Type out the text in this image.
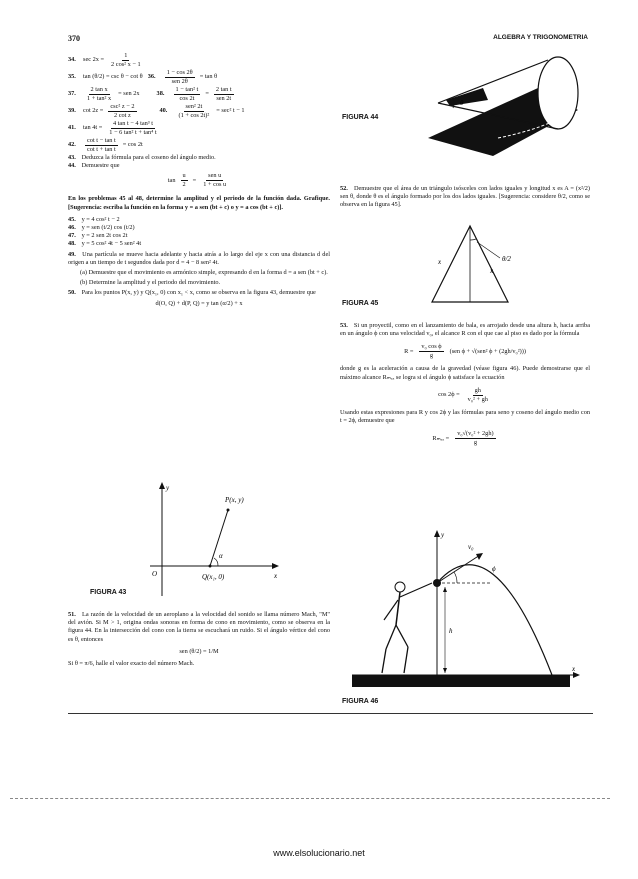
370	ALGEBRA Y TRIGONOMETRIA
34.	$\sec 2x = \frac{1}{\text{2 cos² x − 1}}$
35.	tan (θ/2) = csc θ − cot θ 36.	$\frac{1 - \cos 2\theta}{\text{sen 2θ}} = \tan \theta$
37.	$\frac{\text{2 tan x}}{\text{1 + tan² x}}$ = sen 2x	38.	$\frac{\text{1 − tan² t}}{\cos 2t} = \frac{\text{2 tan t}}{\text{sen 2t}}$
39.	$\cot 2z = \frac{\text{csc² z − 2}}{\text{2 cot z}}$	40.	$\frac{\text{sen² 2t}}{\text{(1 + cos 2t)²}} = \sec^2$ t − 1
41.	$\tan 4t = \frac{\text{4 tan t − 4 tan³ t}}{\text{1 − 6 tan² t + tan⁴ t}}$
42.	$\frac{\text{cot t − tan t}}{\text{cot t + tan t}} = \cos 2t$
43. Deduzca la fórmula para el coseno del ángulo medio.
44. Demuestre que
$\tan \frac{u}{2} = \frac{\text{sen u}}{\text{1 + cos u}}$
En los problemas 45 al 48, determine la amplitud y el periodo de la función dada. Grafique. [Sugerencia: escriba la función en la forma y = a sen (bt + c) o y = a cos (bt + c)].
45. y = 4 cos² t − 2
46. y = sen (t/2) cos (t/2)
47. y = 2 sen 2t cos 2t
48. y = 5 cos² 4t − 5 sen² 4t
49. Una partícula se mueve hacia adelante y hacia atrás a lo largo del eje x con una distancia d del origen a un tiempo de t segundos dada por d = 4 − 8 sen² 4t.
(a) Demuestre que el movimiento es armónico simple, expresando d en la forma d = a sen (bt + c).
(b) Determine la amplitud y el periodo del movimiento.
50. Para los puntos P(x, y) y Q(x₁, 0) con x₁ < x, como se observa en la figura 43, demuestre que
d(O, Q) + d(P, Q) = y tan (α/2) + x
y
x
O
P(x, y)
Q(x₁, 0)
α
FIGURA 43
51. La razón de la velocidad de un aeroplano a la velocidad del sonido se llama número Mach, "M" del avión. Si M > 1, origina ondas sonoras en forma de cono en movimiento, como se observa en la figura 44. En la intersección del cono con la tierra se escuchará un ruido. Si el ángulo vértice del cono es θ, entonces
sen (θ/2) = 1/M
Si θ = π/6, halle el valor exacto del número Mach.
θ
FIGURA 44
52. Demuestre que el área de un triángulo isósceles con lados iguales y longitud x es A = (x²/2) sen θ, donde θ es el ángulo formado por los dos lados iguales. [Sugerencia: considere θ/2, como se observa en la figura 45].
x
x
θ/2
FIGURA 45
53. Si un proyectil, como en el lanzamiento de bala, es arrojado desde una altura h, hacia arriba en un ángulo ϕ con una velocidad v₀, el alcance R con el que cae al piso es dado por la fórmula
$R = \frac{\text{v₀ cos ϕ}}{g} (sen$ ϕ + √(sen² ϕ + (2gh/v₀²)))
donde g es la aceleración a causa de la gravedad (véase figura 46). Puede demostrarse que el máximo alcance Rₘₐₓ se logra si el ángulo ϕ satisface la ecuación
$\cos 2\phi = \frac{gh}{\text{v₀² + gh}}$
Usando estas expresiones para R y cos 2ϕ y las fórmulas para seno y coseno del ángulo medio con t = 2ϕ, demuestre que
$R_{max} = \frac{\text{v₀√(v₀² + 2gh)}}{g}$
y
x
v₀
ϕ
h
FIGURA 46
www.elsolucionario.net
